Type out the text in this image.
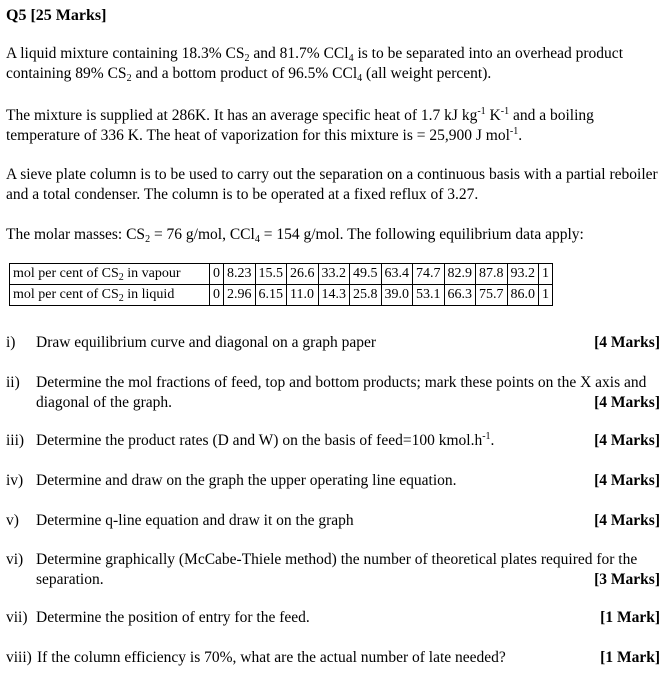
Q5 [25 Marks]
A liquid mixture containing 18.3% $CS_2$ and 81.7% CCl$_4$ is to be separated into an overhead product containing 89% $CS_2$ and a bottom product of 96.5% CCl$_4$ (all weight percent).
The mixture is supplied at 286K. It has an average specific heat of 1.7 kJ $kg^{-1}$ $K^{-1}$ and a boiling temperature of 336 K. The heat of vaporization for this mixture is = 25,900 J mol$^{-1}$.
A sieve plate column is to be used to carry out the separation on a continuous basis with a partial reboiler and a total condenser. The column is to be operated at a fixed reflux of 3.27.
The molar masses: $CS_2 = 76$ g/mol, CCl$_4$ = 154 g/mol. The following equilibrium data apply:
mol per cent of $CS_2$ in vapour	0	8.23	15.5	26.6	33.2	49.5	63.4	74.7	82.9	87.8	93.2	1
mol per cent of $CS_2$ in liquid	0	2.96	6.15	11.0	14.3	25.8	39.0	53.1	66.3	75.7	86.0	1
i) Draw equilibrium curve and diagonal on a graph paper	[4 Marks]
ii) Determine the mol fractions of feed, top and bottom products; mark these points on the X axis and diagonal of the graph.	[4 Marks]
iii) Determine the product rates (D and W) on the basis of feed=100 $kmol.h^{-1}$.	[4 Marks]
iv) Determine and draw on the graph the upper operating line equation.	[4 Marks]
v) Determine q-line equation and draw it on the graph	[4 Marks]
vi) Determine graphically (McCabe-Thiele method) the number of theoretical plates required for the separation.	[3 Marks]
vii) Determine the position of entry for the feed.	[1 Mark]
viii) If the column efficiency is 70%, what are the actual number of late needed?	[1 Mark]
